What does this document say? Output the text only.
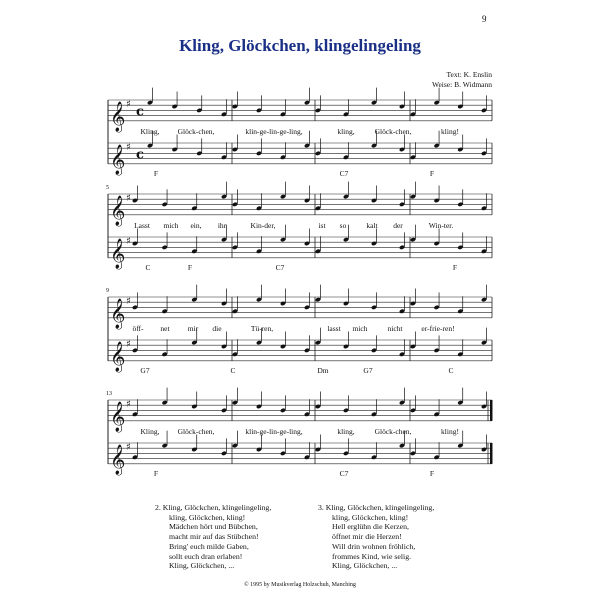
9
Kling, Glöckchen, klingelingeling
Text: K. Enslin
Weise: B. Widmann
𝄞 ♯ c
𝄞 ♯ c
Kling, Glöck-chen,	klin-ge-lin-ge-ling,	kling,	Glöck-chen,	kling!
F	C7	F
𝄞 ♯
𝄞 ♯
5
Lasst mich ein, ihr	Kin-der,	ist so	kalt der	Win-ter.
C	F	C7	F
𝄞 ♯
𝄞 ♯
9
öff- net mir die	Tü-ren,	lasst mich	nicht	er-frie-ren!
G7	C	Dm	G7	C
𝄞 ♯
𝄞 ♯
13
Kling, Glöck-chen,	klin-ge-lin-ge-ling,	kling,	Glöck-chen,	kling!
F	C7	F
2. Kling, Glöckchen, klingelingeling,
kling, Glöckchen, kling!
Mädchen hört und Bübchen,
macht mir auf das Stübchen!
Bring' euch milde Gaben,
sollt euch dran erlaben!
Kling, Glöckchen, ...
3. Kling, Glöckchen, klingelingeling,
kling, Glöckchen, kling!
Hell erglühn die Kerzen,
öffnet mir die Herzen!
Will drin wohnen fröhlich,
frommes Kind, wie selig.
Kling, Glöckchen, ...
© 1995 by Musikverlag Holzschuh, Manching
